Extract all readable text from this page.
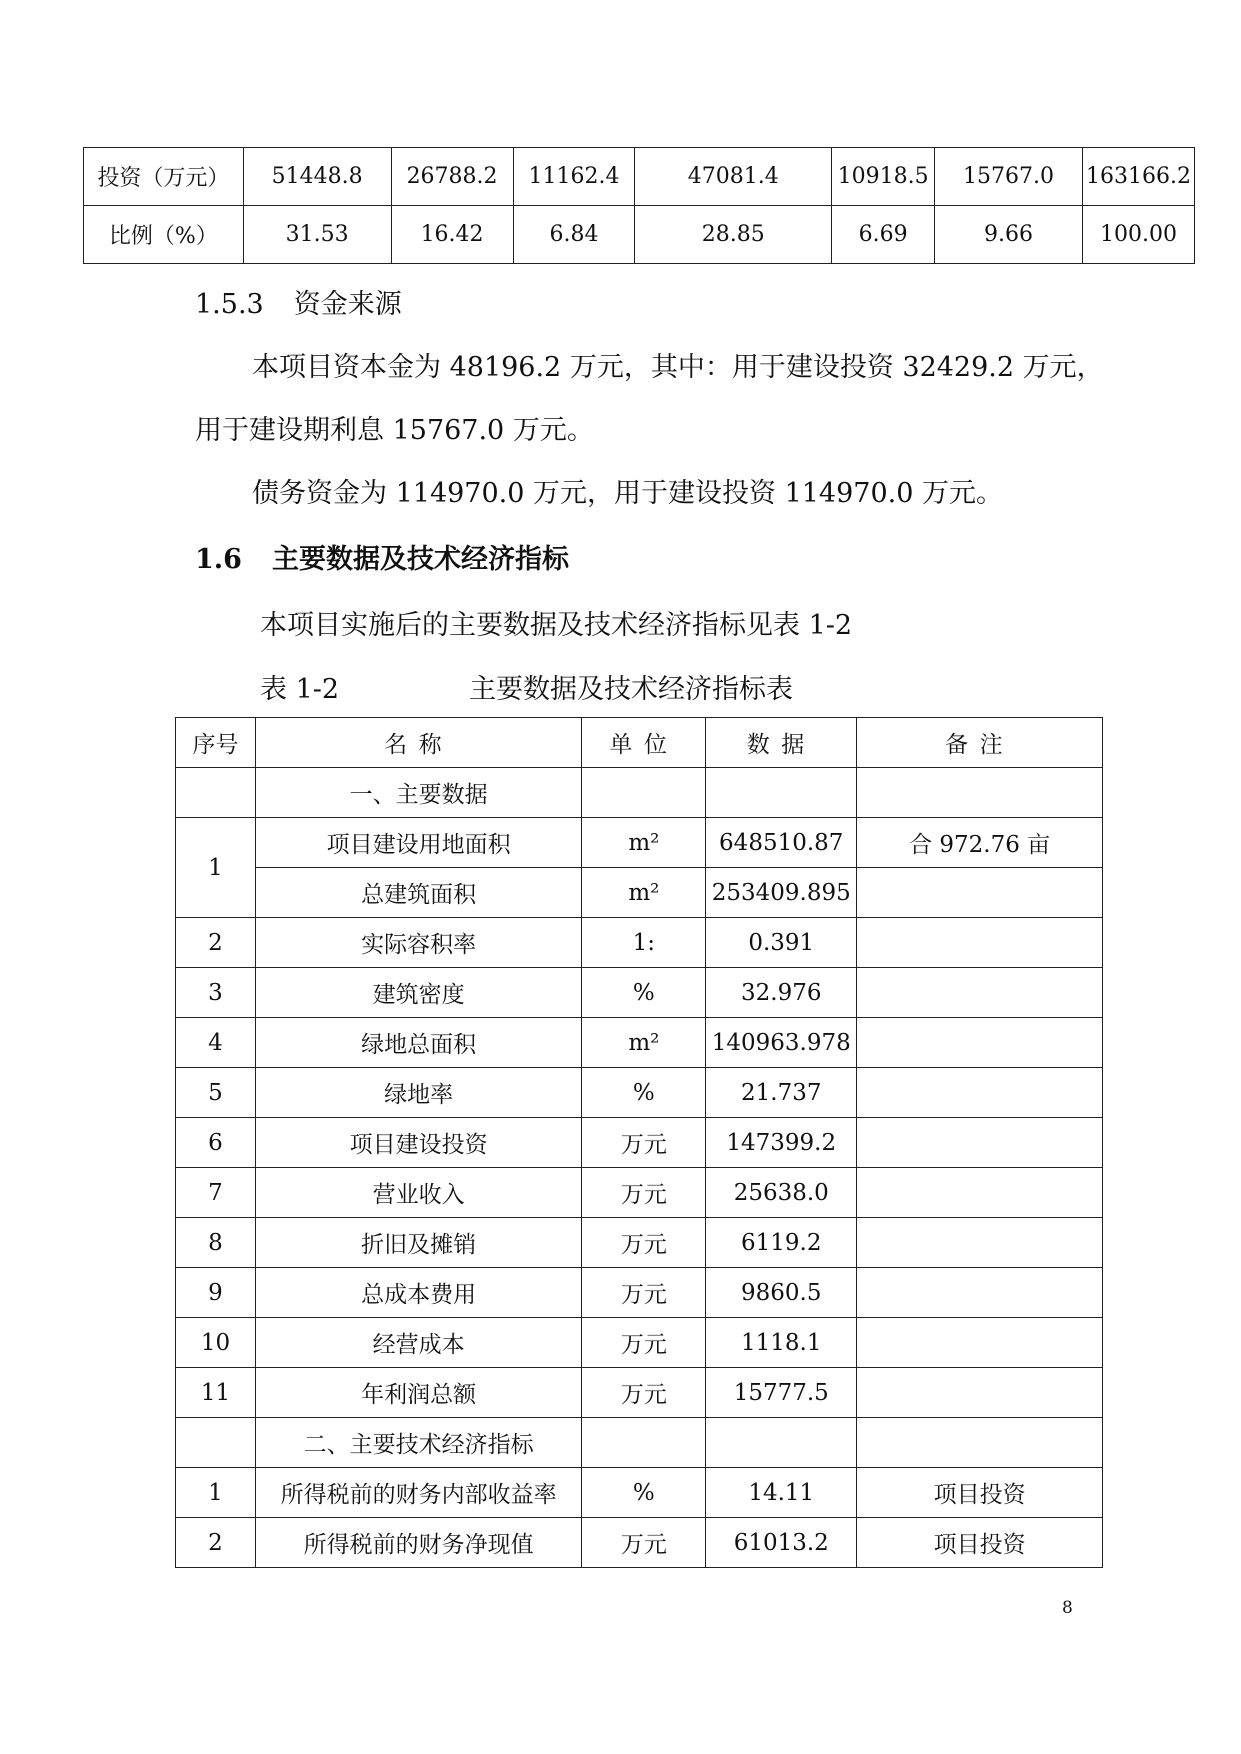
投资（万元）	51448.8	26788.2	11162.4	47081.4	10918.5	15767.0	163166.2
比例（%）	31.53	16.42	6.84	28.85	6.69	9.66	100.00
1.5.3 资金来源

本项目资本金为 48196.2 万元，其中：用于建设投资 32429.2 万元，

用于建设期利息 15767.0 万元。

债务资金为 114970.0 万元，用于建设投资 114970.0 万元。

1.6 主要数据及技术经济指标

本项目实施后的主要数据及技术经济指标见表 1-2

表 1-2	主要数据及技术经济指标表
序号	名称	单位	数据	备注
	一、主要数据			
1	项目建设用地面积	m²	648510.87	合 972.76 亩
	总建筑面积	m²	253409.895	
2	实际容积率	1:	0.391	
3	建筑密度	%	32.976	
4	绿地总面积	m²	140963.978	
5	绿地率	%	21.737	
6	项目建设投资	万元	147399.2	
7	营业收入	万元	25638.0	
8	折旧及摊销	万元	6119.2	
9	总成本费用	万元	9860.5	
10	经营成本	万元	1118.1	
11	年利润总额	万元	15777.5	
	二、主要技术经济指标			
1	所得税前的财务内部收益率	%	14.11	项目投资
2	所得税前的财务净现值	万元	61013.2	项目投资
8
